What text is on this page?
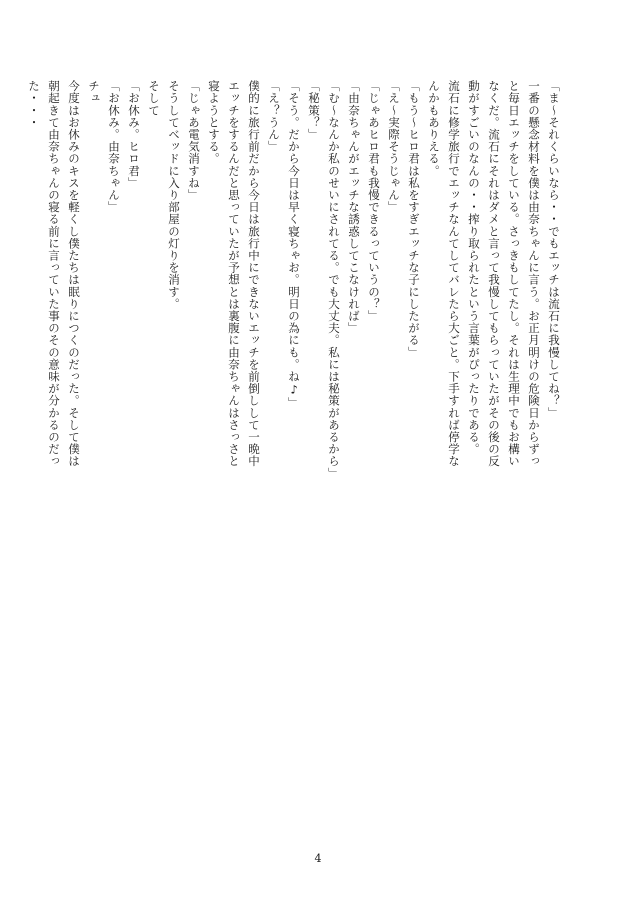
「ま～それくらいなら・・でもエッチは流石に我慢してね？」
一番の懸念材料を僕は由奈ちゃんに言う。お正月明けの危険日からずっ
と毎日エッチをしている。さっきもしてたし。それは生理中でもお構い
なくだ。流石にそれはダメと言って我慢してもらっていたがその後の反
動がすごいのなんの・・搾り取られたという言葉がぴったりである。
流石に修学旅行でエッチなんてしてバレたら大ごと。下手すれば停学な
んかもありえる。
「もう～ヒロ君は私をすぎエッチな子にしたがる」
「え～実際そうじゃん」
「じゃあヒロ君も我慢できるっていうの？」
「由奈ちゃんがエッチな誘惑してこなければ」
「む～なんか私のせいにされてる。でも大丈夫。私には秘策があるから」
「秘策？」
「そう。だから今日は早く寝ちゃお。明日の為にも。ね♪」
「え？うん」
僕的に旅行前だから今日は旅行中にできないエッチを前倒しして一晩中
エッチをするんだと思っていたが予想とは裏腹に由奈ちゃんはさっさと
寝ようとする。
「じゃあ電気消すね」
そうしてベッドに入り部屋の灯りを消す。
そして
「お休み。ヒロ君」
「お休み。由奈ちゃん」
チュ
今度はお休みのキスを軽くし僕たちは眠りにつくのだった。そして僕は
朝起きて由奈ちゃんの寝る前に言っていた事のその意味が分かるのだっ
た・・・
4
